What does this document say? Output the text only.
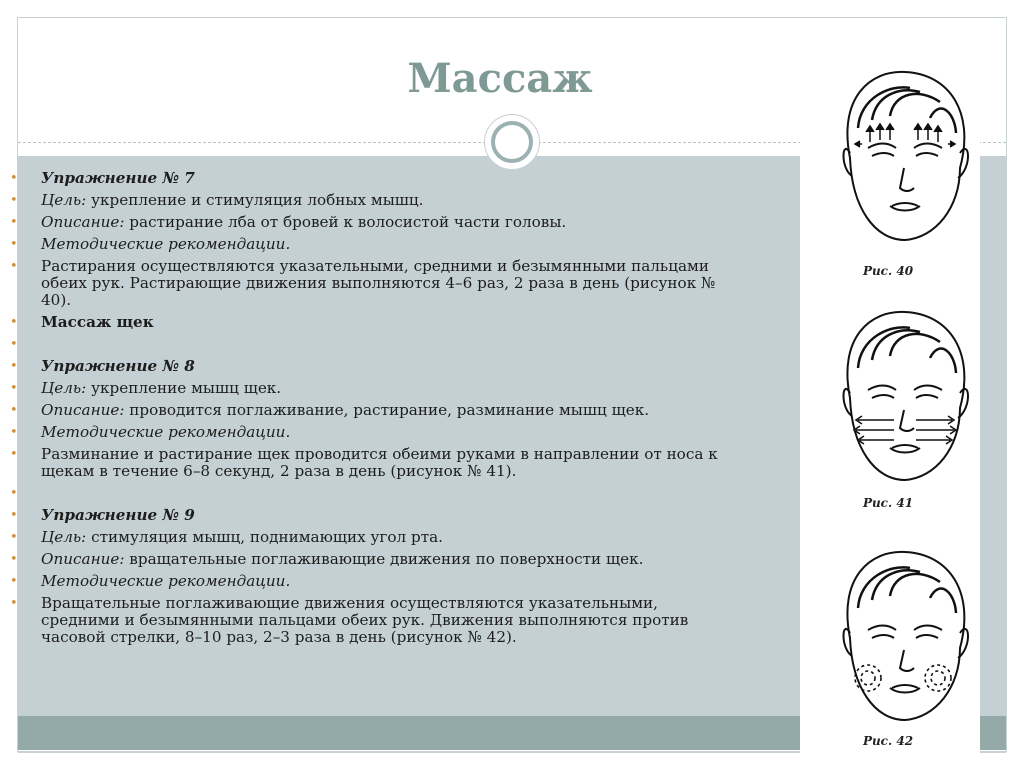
Массаж
• Упражнение № 7
• Цель: укрепление и стимуляция лобных мышц.
• Описание: растирание лба от бровей к волосистой части головы.
• Методические рекомендации.
• Растирания осуществляются указательными, средними и безымянными пальцами обеих рук. Растирающие движения выполняются 4–6 раз, 2 раза в день (рисунок № 40).
• Массаж щек
•

• Упражнение № 8
• Цель: укрепление мышц щек.
• Описание: проводится поглаживание, растирание, разминание мышц щек.
• Методические рекомендации.
• Разминание и растирание щек проводится обеими руками в направлении от носа к щекам в течение 6–8 секунд, 2 раза в день (рисунок № 41).
•

• Упражнение № 9
• Цель: стимуляция мышц, поднимающих угол рта.
• Описание: вращательные поглаживающие движения по поверхности щек.
• Методические рекомендации.
• Вращательные поглаживающие движения осуществляются указательными, средними и безымянными пальцами обеих рук. Движения выполняются против часовой стрелки, 8–10 раз, 2–3 раза в день (рисунок № 42).
Рис. 40
Рис. 41
Рис. 42
